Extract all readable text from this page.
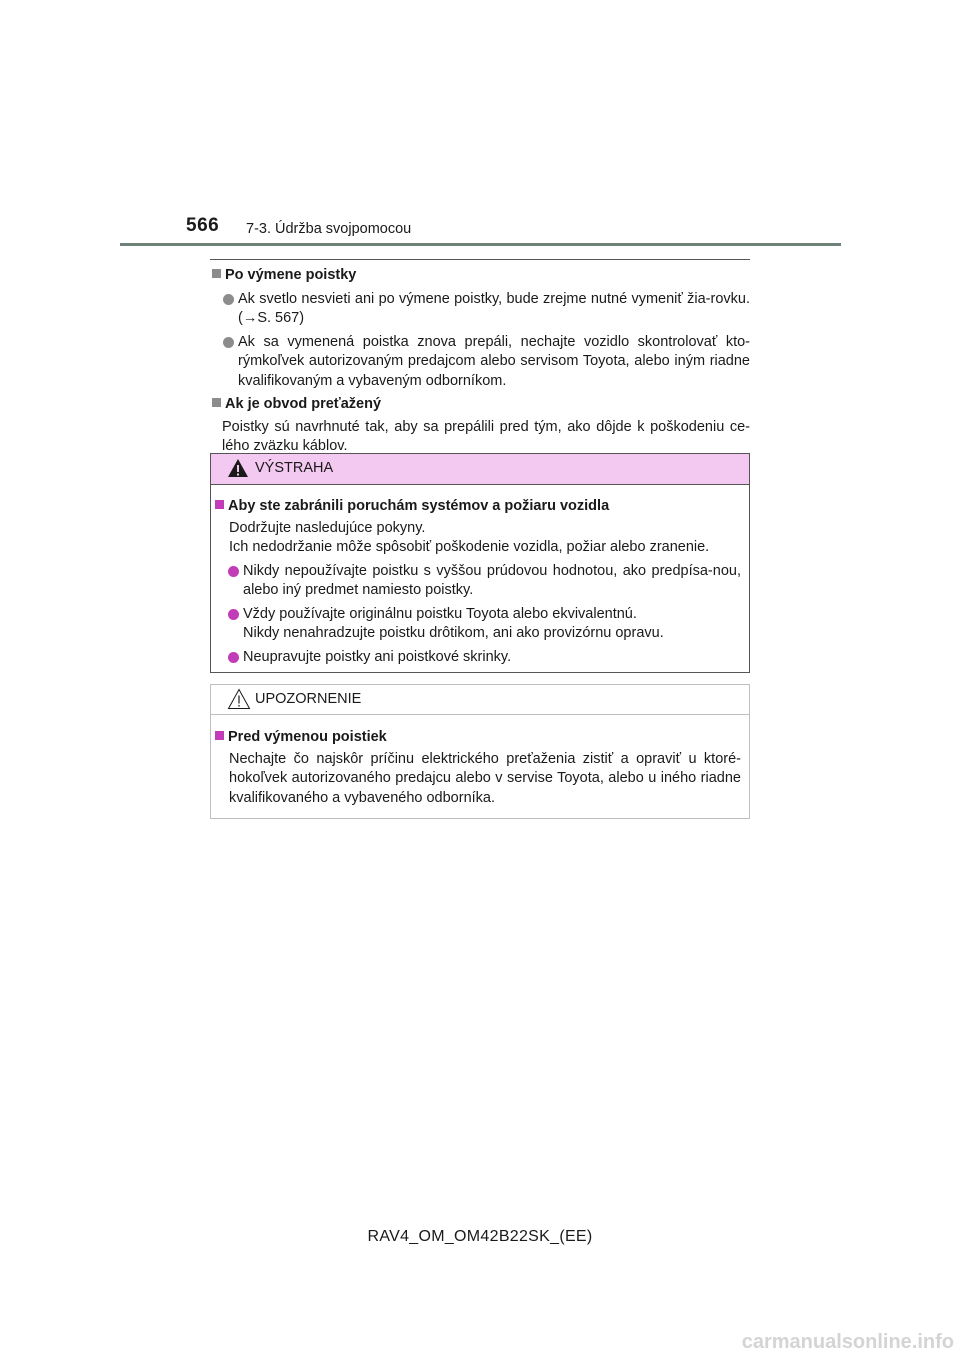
566 7-3. Údržba svojpomocou
Po výmene poistky
Ak svetlo nesvieti ani po výmene poistky, bude zrejme nutné vymeniť žia-rovku. (→S. 567)
Ak sa vymenená poistka znova prepáli, nechajte vozidlo skontrolovať kto-rýmkoľvek autorizovaným predajcom alebo servisom Toyota, alebo iným riadne kvalifikovaným a vybaveným odborníkom.
Ak je obvod preťažený
Poistky sú navrhnuté tak, aby sa prepálili pred tým, ako dôjde k poškodeniu ce-lého zväzku káblov.
VÝSTRAHA
Aby ste zabránili poruchám systémov a požiaru vozidla
Dodržujte nasledujúce pokyny.
Ich nedodržanie môže spôsobiť poškodenie vozidla, požiar alebo zranenie.
Nikdy nepoužívajte poistku s vyššou prúdovou hodnotou, ako predpísa-nou, alebo iný predmet namiesto poistky.
Vždy používajte originálnu poistku Toyota alebo ekvivalentnú.
Nikdy nenahradzujte poistku drôtikom, ani ako provizórnu opravu.
Neupravujte poistky ani poistkové skrinky.
UPOZORNENIE
Pred výmenou poistiek
Nechajte čo najskôr príčinu elektrického preťaženia zistiť a opraviť u ktoré-hokoľvek autorizovaného predajcu alebo v servise Toyota, alebo u iného riadne kvalifikovaného a vybaveného odborníka.
RAV4_OM_OM42B22SK_(EE)
carmanualsonline.info
